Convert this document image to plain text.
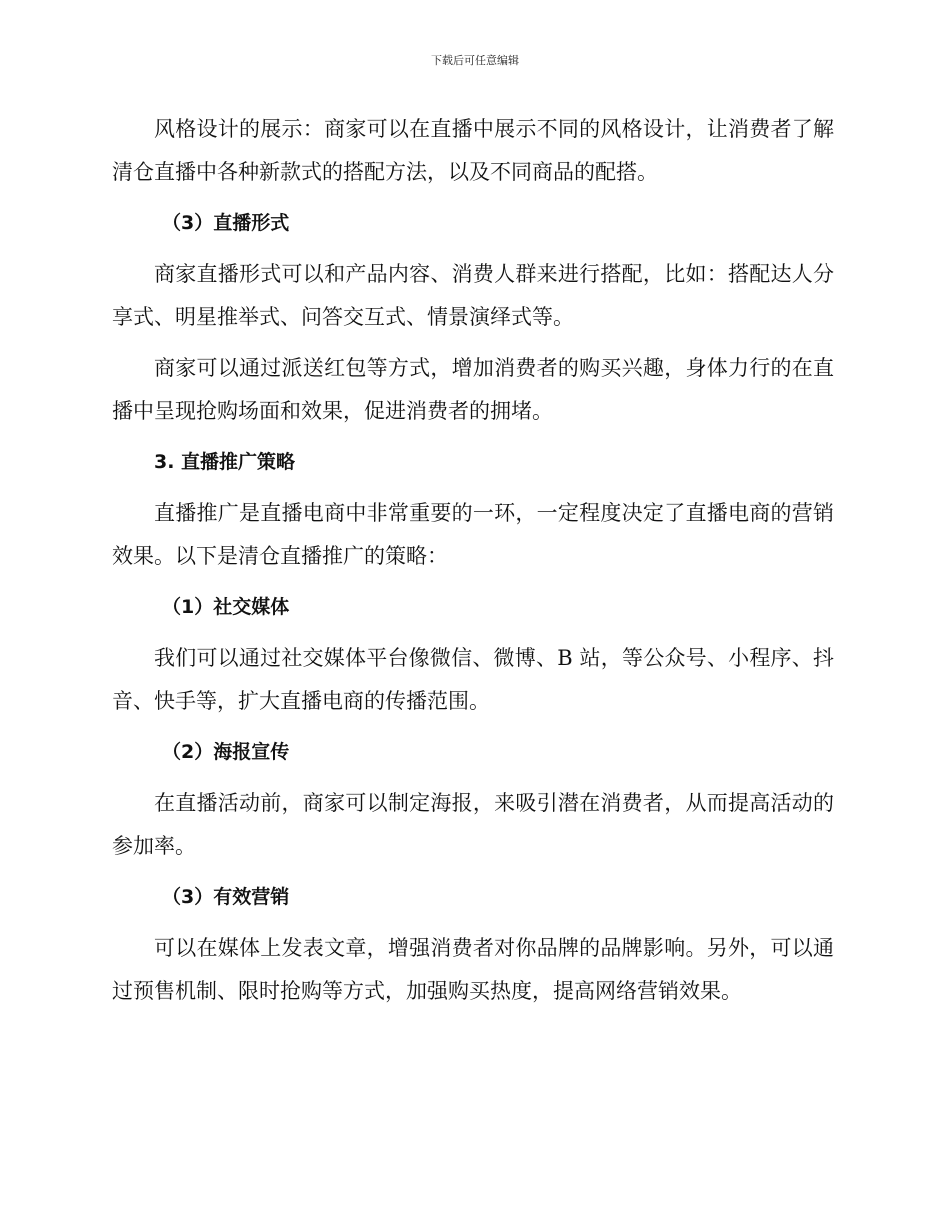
下载后可任意编辑

风格设计的展示：商家可以在直播中展示不同的风格设计，让消费者了解清仓直播中各种新款式的搭配方法，以及不同商品的配搭。

（3）直播形式

商家直播形式可以和产品内容、消费人群来进行搭配，比如：搭配达人分享式、明星推举式、问答交互式、情景演绎式等。

商家可以通过派送红包等方式，增加消费者的购买兴趣，身体力行的在直播中呈现抢购场面和效果，促进消费者的拥堵。

3. 直播推广策略

直播推广是直播电商中非常重要的一环，一定程度决定了直播电商的营销效果。以下是清仓直播推广的策略：

（1）社交媒体

我们可以通过社交媒体平台像微信、微博、B 站，等公众号、小程序、抖音、快手等，扩大直播电商的传播范围。

（2）海报宣传

在直播活动前，商家可以制定海报，来吸引潜在消费者，从而提高活动的参加率。

（3）有效营销

可以在媒体上发表文章，增强消费者对你品牌的品牌影响。另外，可以通过预售机制、限时抢购等方式，加强购买热度，提高网络营销效果。
